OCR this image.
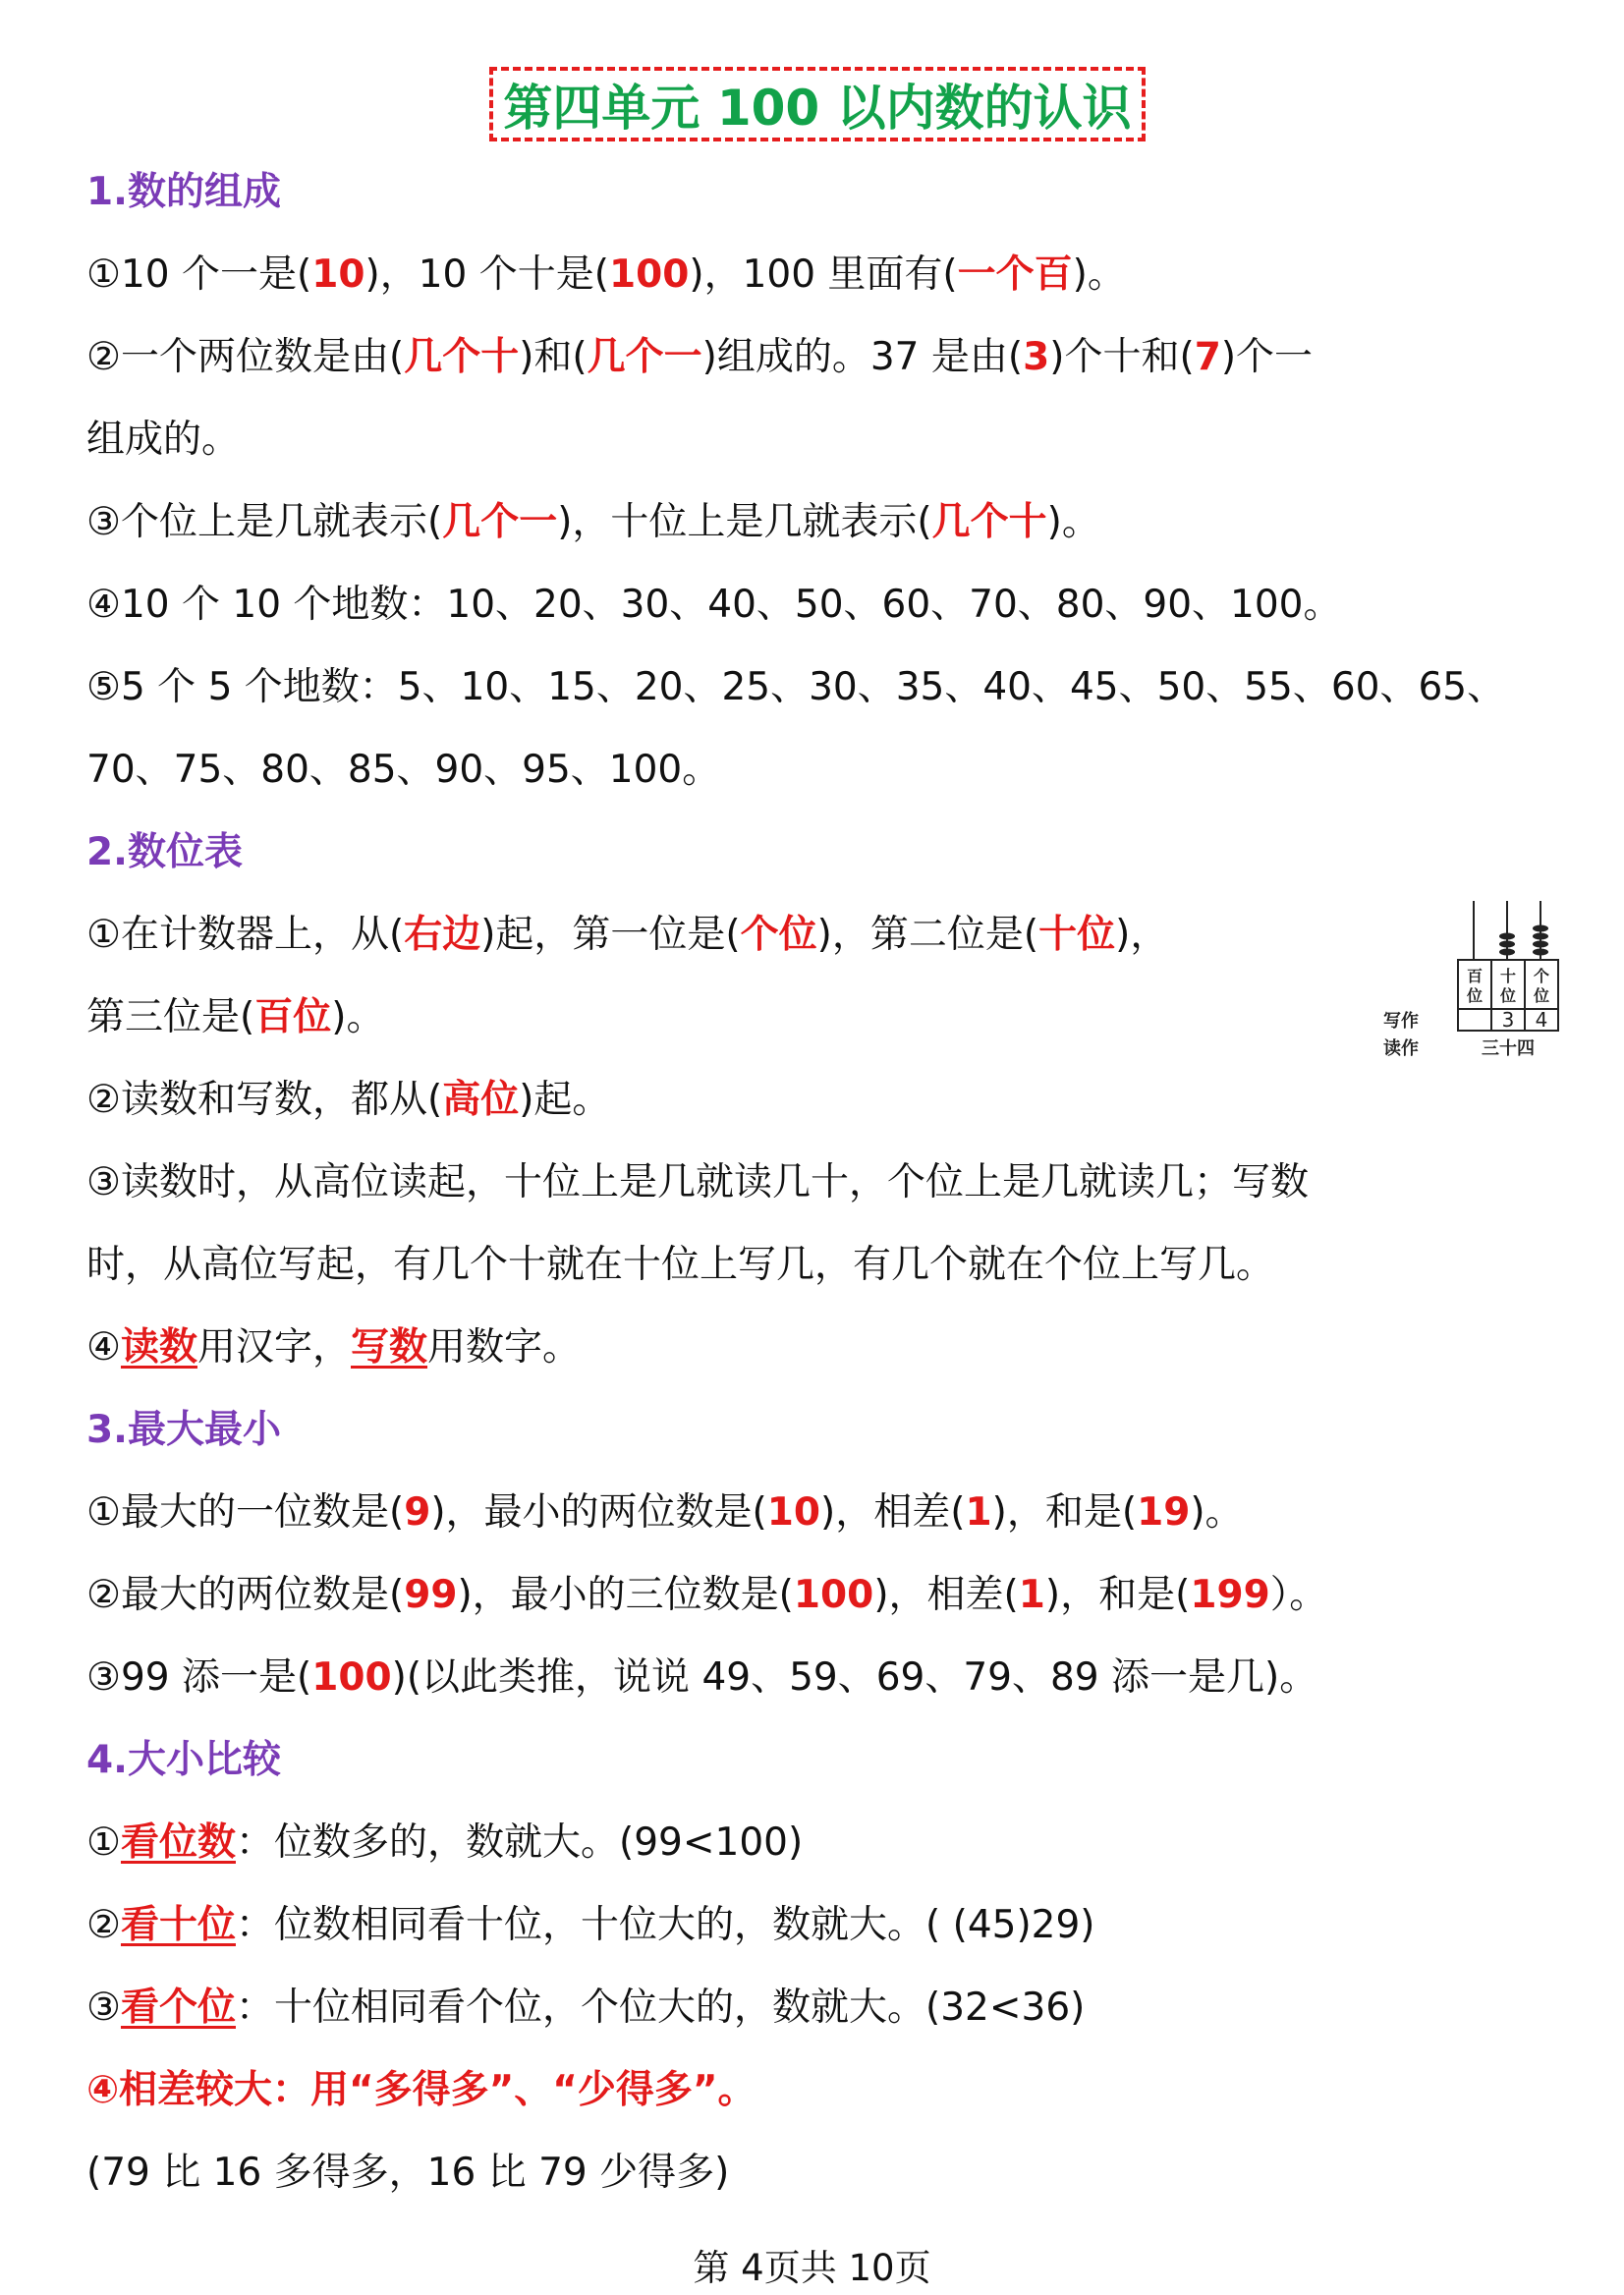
第四单元 100 以内数的认识
1.数的组成
①10 个一是(10)，10 个十是(100)，100 里面有(一个百)。
②一个两位数是由(几个十)和(几个一)组成的。37 是由(3)个十和(7)个一
组成的。
③个位上是几就表示(几个一)，十位上是几就表示(几个十)。
④10 个 10 个地数：10、20、30、40、50、60、70、80、90、100。
⑤5 个 5 个地数：5、10、15、20、25、30、35、40、45、50、55、60、65、
70、75、80、85、90、95、100。
2.数位表
①在计数器上，从(右边)起，第一位是(个位)，第二位是(十位)，
第三位是(百位)。
②读数和写数，都从(高位)起。
③读数时，从高位读起，十位上是几就读几十，个位上是几就读几；写数
时，从高位写起，有几个十就在十位上写几，有几个就在个位上写几。
④读数用汉字，写数用数字。
百
位
十
位
个
位
3 4
写作
读作	三十四
3.最大最小
①最大的一位数是(9)，最小的两位数是(10)，相差(1)，和是(19)。
②最大的两位数是(99)，最小的三位数是(100)，相差(1)，和是(199）。
③99 添一是(100)(以此类推，说说 49、59、69、79、89 添一是几)。
4.大小比较
①看位数：位数多的，数就大。(99<100)
②看十位：位数相同看十位，十位大的，数就大。( (45)29)
③看个位：十位相同看个位，个位大的，数就大。(32<36)
④相差较大：用“多得多”、“少得多”。
(79 比 16 多得多，16 比 79 少得多)
第 4页共 10页
